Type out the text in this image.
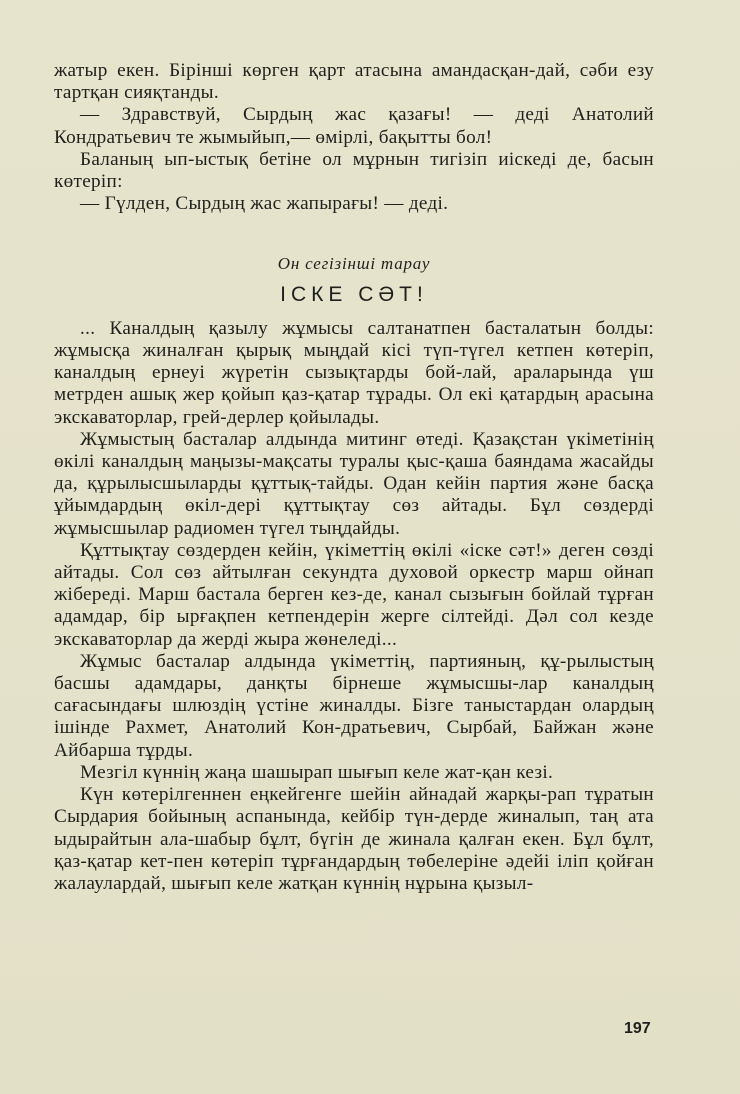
жатыр екен. Бірінші көрген қарт атасына амандасқан-дай, сәби езу тартқан сияқтанды.

— Здравствуй, Сырдың жас қазағы! — деді Анатолий Кондратьевич те жымыйып,— өмірлі, бақытты бол!

Баланың ып-ыстық бетіне ол мұрнын тигізіп иіскеді де, басын көтеріп:

— Гүлден, Сырдың жас жапырағы! — деді.

Он сегізінші тарау
ІСКЕ СӘТ!

... Каналдың қазылу жұмысы салтанатпен басталатын болды: жұмысқа жиналған қырық мыңдай кісі түп-түгел кетпен көтеріп, каналдың ернеуі жүретін сызықтарды бой-лай, араларында үш метрден ашық жер қойып қаз-қатар тұрады. Ол екі қатардың арасына экскаваторлар, грей-дерлер қойылады.

Жұмыстың басталар алдында митинг өтеді. Қазақстан үкіметінің өкілі каналдың маңызы-мақсаты туралы қыс-қаша баяндама жасайды да, құрылысшыларды құттық-тайды. Одан кейін партия және басқа ұйымдардың өкіл-дері құттықтау сөз айтады. Бұл сөздерді жұмысшылар радиомен түгел тыңдайды.

Құттықтау сөздерден кейін, үкіметтің өкілі «іске сәт!» деген сөзді айтады. Сол сөз айтылған секундта духовой оркестр марш ойнап жібереді. Марш бастала берген кез-де, канал сызығын бойлай тұрған адамдар, бір ырғақпен кетпендерін жерге сілтейді. Дәл сол кезде экскаваторлар да жерді жыра жөнеледі...

Жұмыс басталар алдында үкіметтің, партияның, құ-рылыстың басшы адамдары, данқты бірнеше жұмысшы-лар каналдың сағасындағы шлюздің үстіне жиналды. Бізге таныстардан олардың ішінде Рахмет, Анатолий Кон-дратьевич, Сырбай, Байжан және Айбарша тұрды.

Мезгіл күннің жаңа шашырап шығып келе жат-қан кезі.

Күн көтерілгеннен еңкейгенге шейін айнадай жарқы-рап тұратын Сырдария бойының аспанында, кейбір түн-дерде жиналып, таң ата ыдырайтын ала-шабыр бұлт, бүгін де жинала қалған екен. Бұл бұлт, қаз-қатар кет-пен көтеріп тұрғандардың төбелеріне әдейі іліп қойған жалаулардай, шығып келе жатқан күннің нұрына қызыл-

197
